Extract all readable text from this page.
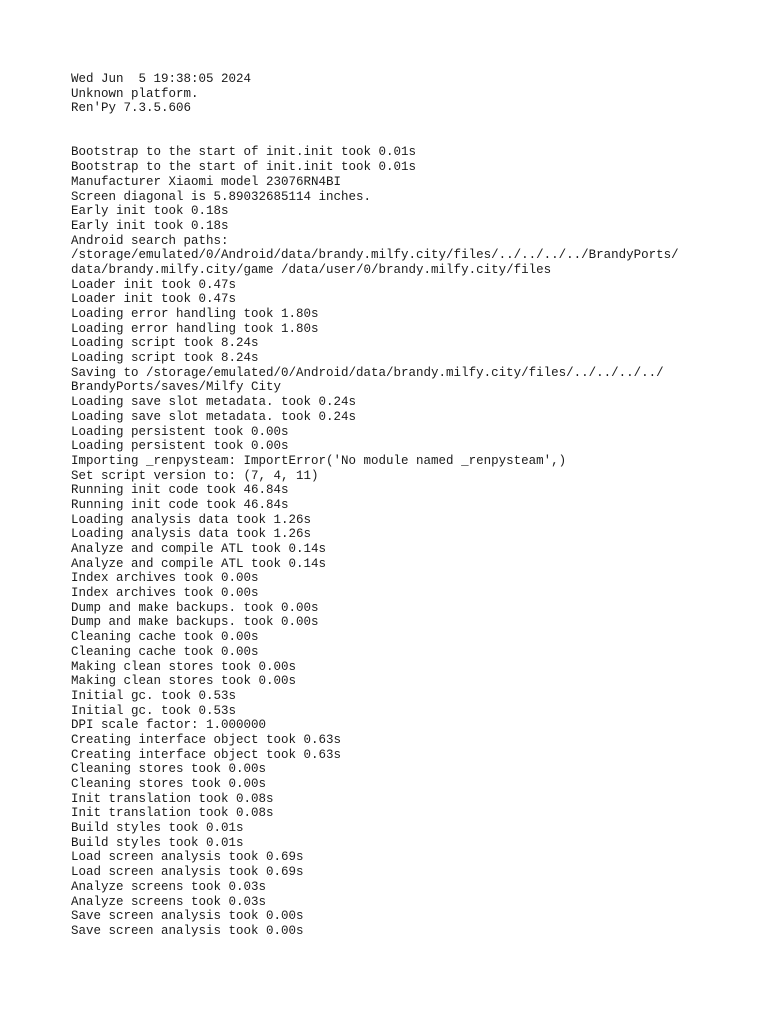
Wed Jun  5 19:38:05 2024
Unknown platform.
Ren'Py 7.3.5.606
Bootstrap to the start of init.init took 0.01s
Bootstrap to the start of init.init took 0.01s
Manufacturer Xiaomi model 23076RN4BI
Screen diagonal is 5.89032685114 inches.
Early init took 0.18s
Early init took 0.18s
Android search paths:
/storage/emulated/0/Android/data/brandy.milfy.city/files/../../../../BrandyPorts/
data/brandy.milfy.city/game /data/user/0/brandy.milfy.city/files
Loader init took 0.47s
Loader init took 0.47s
Loading error handling took 1.80s
Loading error handling took 1.80s
Loading script took 8.24s
Loading script took 8.24s
Saving to /storage/emulated/0/Android/data/brandy.milfy.city/files/../../../../
BrandyPorts/saves/Milfy City
Loading save slot metadata. took 0.24s
Loading save slot metadata. took 0.24s
Loading persistent took 0.00s
Loading persistent took 0.00s
Importing _renpysteam: ImportError('No module named _renpysteam',)
Set script version to: (7, 4, 11)
Running init code took 46.84s
Running init code took 46.84s
Loading analysis data took 1.26s
Loading analysis data took 1.26s
Analyze and compile ATL took 0.14s
Analyze and compile ATL took 0.14s
Index archives took 0.00s
Index archives took 0.00s
Dump and make backups. took 0.00s
Dump and make backups. took 0.00s
Cleaning cache took 0.00s
Cleaning cache took 0.00s
Making clean stores took 0.00s
Making clean stores took 0.00s
Initial gc. took 0.53s
Initial gc. took 0.53s
DPI scale factor: 1.000000
Creating interface object took 0.63s
Creating interface object took 0.63s
Cleaning stores took 0.00s
Cleaning stores took 0.00s
Init translation took 0.08s
Init translation took 0.08s
Build styles took 0.01s
Build styles took 0.01s
Load screen analysis took 0.69s
Load screen analysis took 0.69s
Analyze screens took 0.03s
Analyze screens took 0.03s
Save screen analysis took 0.00s
Save screen analysis took 0.00s
